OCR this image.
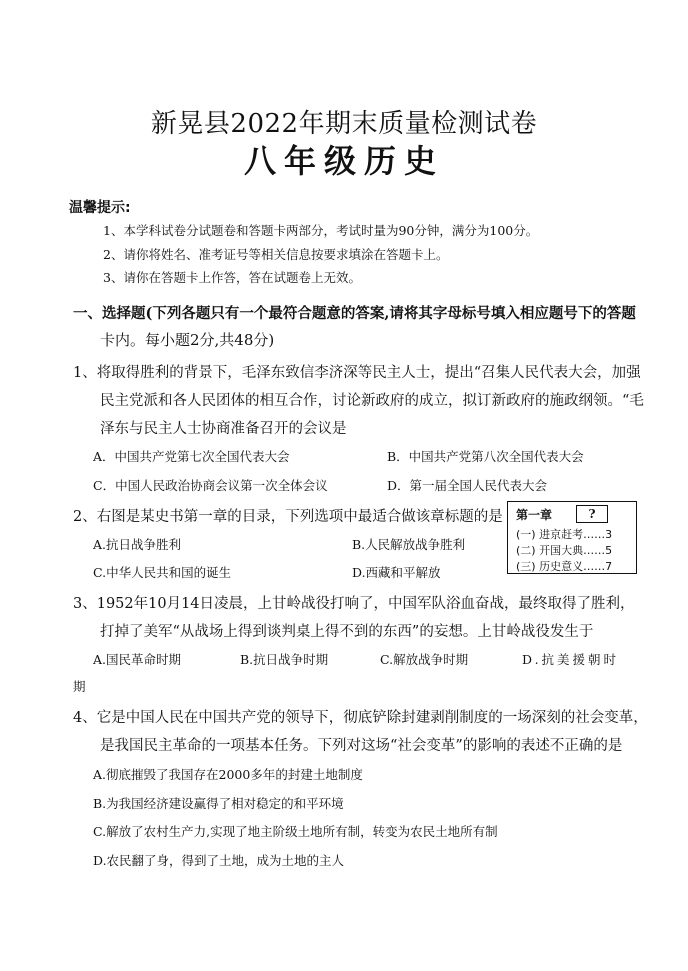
新晃县2022年期末质量检测试卷
八年级历史
温馨提示:
1、本学科试卷分试题卷和答题卡两部分，考试时量为90分钟，满分为100分。
2、请你将姓名、准考证号等相关信息按要求填涂在答题卡上。
3、请你在答题卡上作答，答在试题卷上无效。
一、选择题(下列各题只有一个最符合题意的答案,请将其字母标号填入相应题号下的答题
卡内。每小题2分,共48分)
1、将取得胜利的背景下，毛泽东致信李济深等民主人士，提出“召集人民代表大会，加强
民主党派和各人民团体的相互合作，讨论新政府的成立，拟订新政府的施政纲领。“毛
泽东与民主人士协商准备召开的会议是
A．中国共产党第七次全国代表大会	B．中国共产党第八次全国代表大会
C．中国人民政治协商会议第一次全体会议	D．第一届全国人民代表大会
2、右图是某史书第一章的目录，下列选项中最适合做该章标题的是
A.抗日战争胜利	B.人民解放战争胜利
C.中华人民共和国的诞生	D.西藏和平解放
第一章	?
(一) 进京赶考……3
(二) 开国大典……5
(三) 历史意义……7
3、1952年10月14日凌晨，上甘岭战役打响了，中国军队浴血奋战，最终取得了胜利，
打掉了美军“从战场上得到谈判桌上得不到的东西”的妄想。上甘岭战役发生于
A.国民革命时期	B.抗日战争时期	C.解放战争时期	D.抗美援朝时
期
4、它是中国人民在中国共产党的领导下，彻底铲除封建剥削制度的一场深刻的社会变革，
是我国民主革命的一项基本任务。下列对这场“社会变革”的影响的表述不正确的是
A.彻底摧毁了我国存在2000多年的封建土地制度
B.为我国经济建设赢得了相对稳定的和平环境
C.解放了农村生产力,实现了地主阶级土地所有制，转变为农民土地所有制
D.农民翻了身，得到了土地，成为土地的主人
